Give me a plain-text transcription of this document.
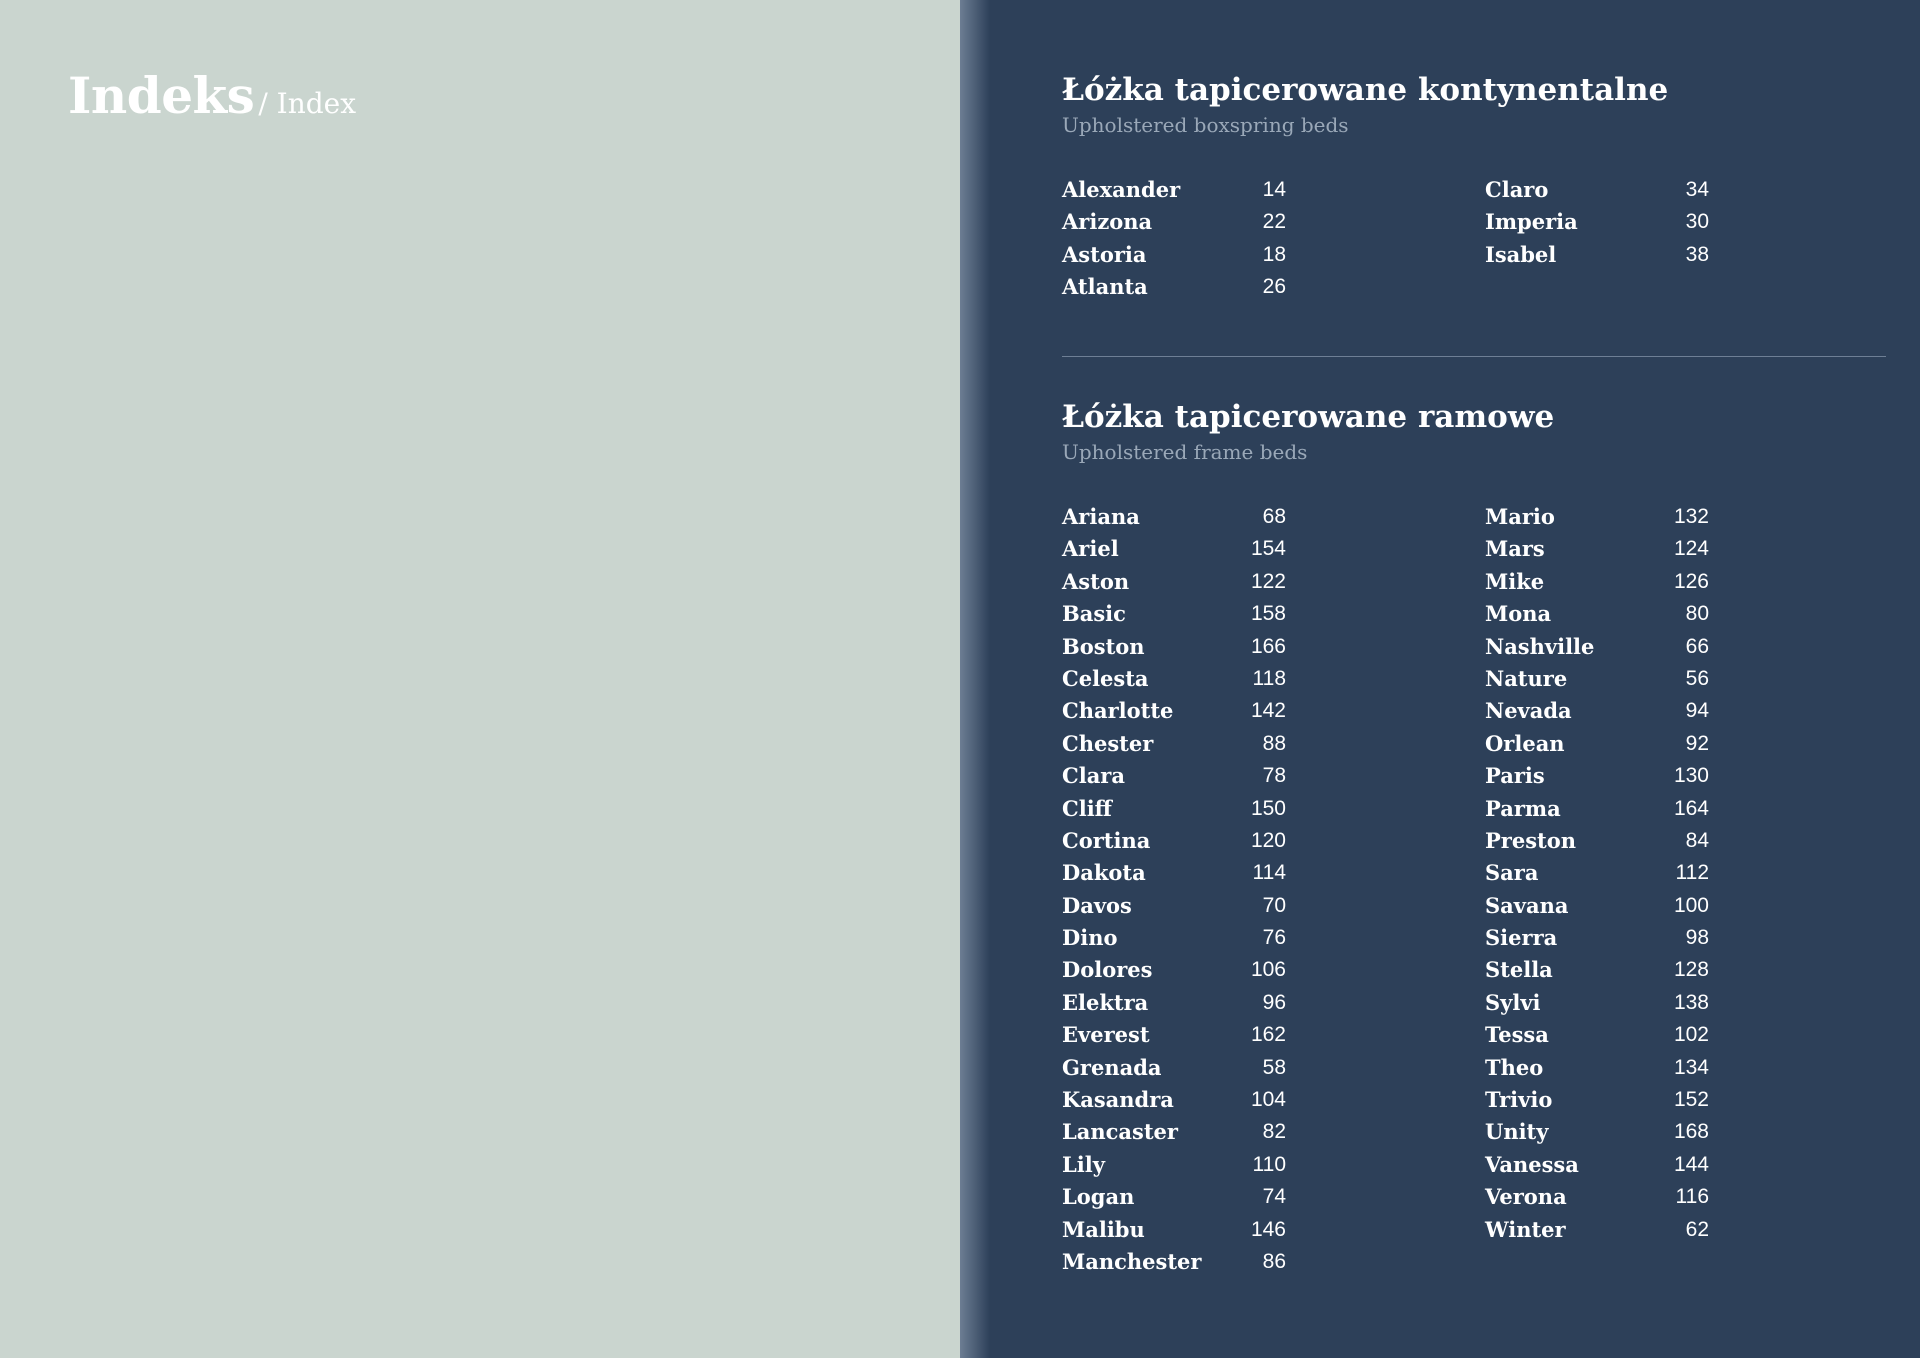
Indeks / Index	Łóżka tapicerowane kontynentalne

Upholstered boxspring beds

Alexander	14
Arizona	22
Astoria	18
Atlanta	26
Claro	34
Imperia	30
Isabel	38
Łóżka tapicerowane ramowe

Upholstered frame beds

Ariana	68
Ariel	154
Aston	122
Basic	158
Boston	166
Celesta	118
Charlotte	142
Chester	88
Clara	78
Cliff	150
Cortina	120
Dakota	114
Davos	70
Dino	76
Dolores	106
Elektra	96
Everest	162
Grenada	58
Kasandra	104
Lancaster	82
Lily	110
Logan	74
Malibu	146
Manchester	86
Mario	132
Mars	124
Mike	126
Mona	80
Nashville	66
Nature	56
Nevada	94
Orlean	92
Paris	130
Parma	164
Preston	84
Sara	112
Savana	100
Sierra	98
Stella	128
Sylvi	138
Tessa	102
Theo	134
Trivio	152
Unity	168
Vanessa	144
Verona	116
Winter	62
